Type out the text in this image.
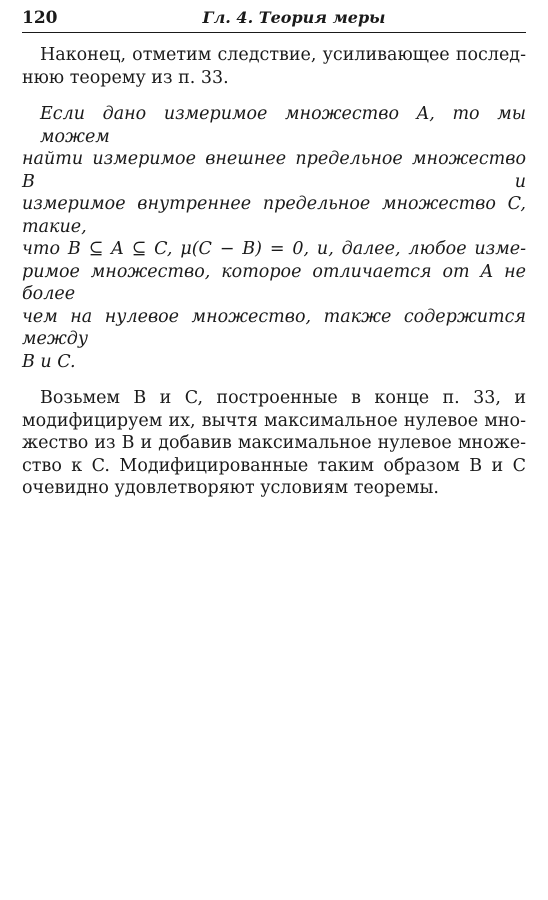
120	Гл. 4. Теория меры

Наконец, отметим следствие, усиливающее послед-
нюю теорему из п. 33.

Если дано измеримое множество A, то мы можем
найти измеримое внешнее предельное множество B и
измеримое внутреннее предельное множество C, такие,
что B ⊆ A ⊆ C, μ(C − B) = 0, и, далее, любое изме-
римое множество, которое отличается от A не более
чем на нулевое множество, также содержится между
B и C.

Возьмем B и C, построенные в конце п. 33, и
модифицируем их, вычтя максимальное нулевое мно-
жество из B и добавив максимальное нулевое множе-
ство к C. Модифицированные таким образом B и C
очевидно удовлетворяют условиям теоремы.
